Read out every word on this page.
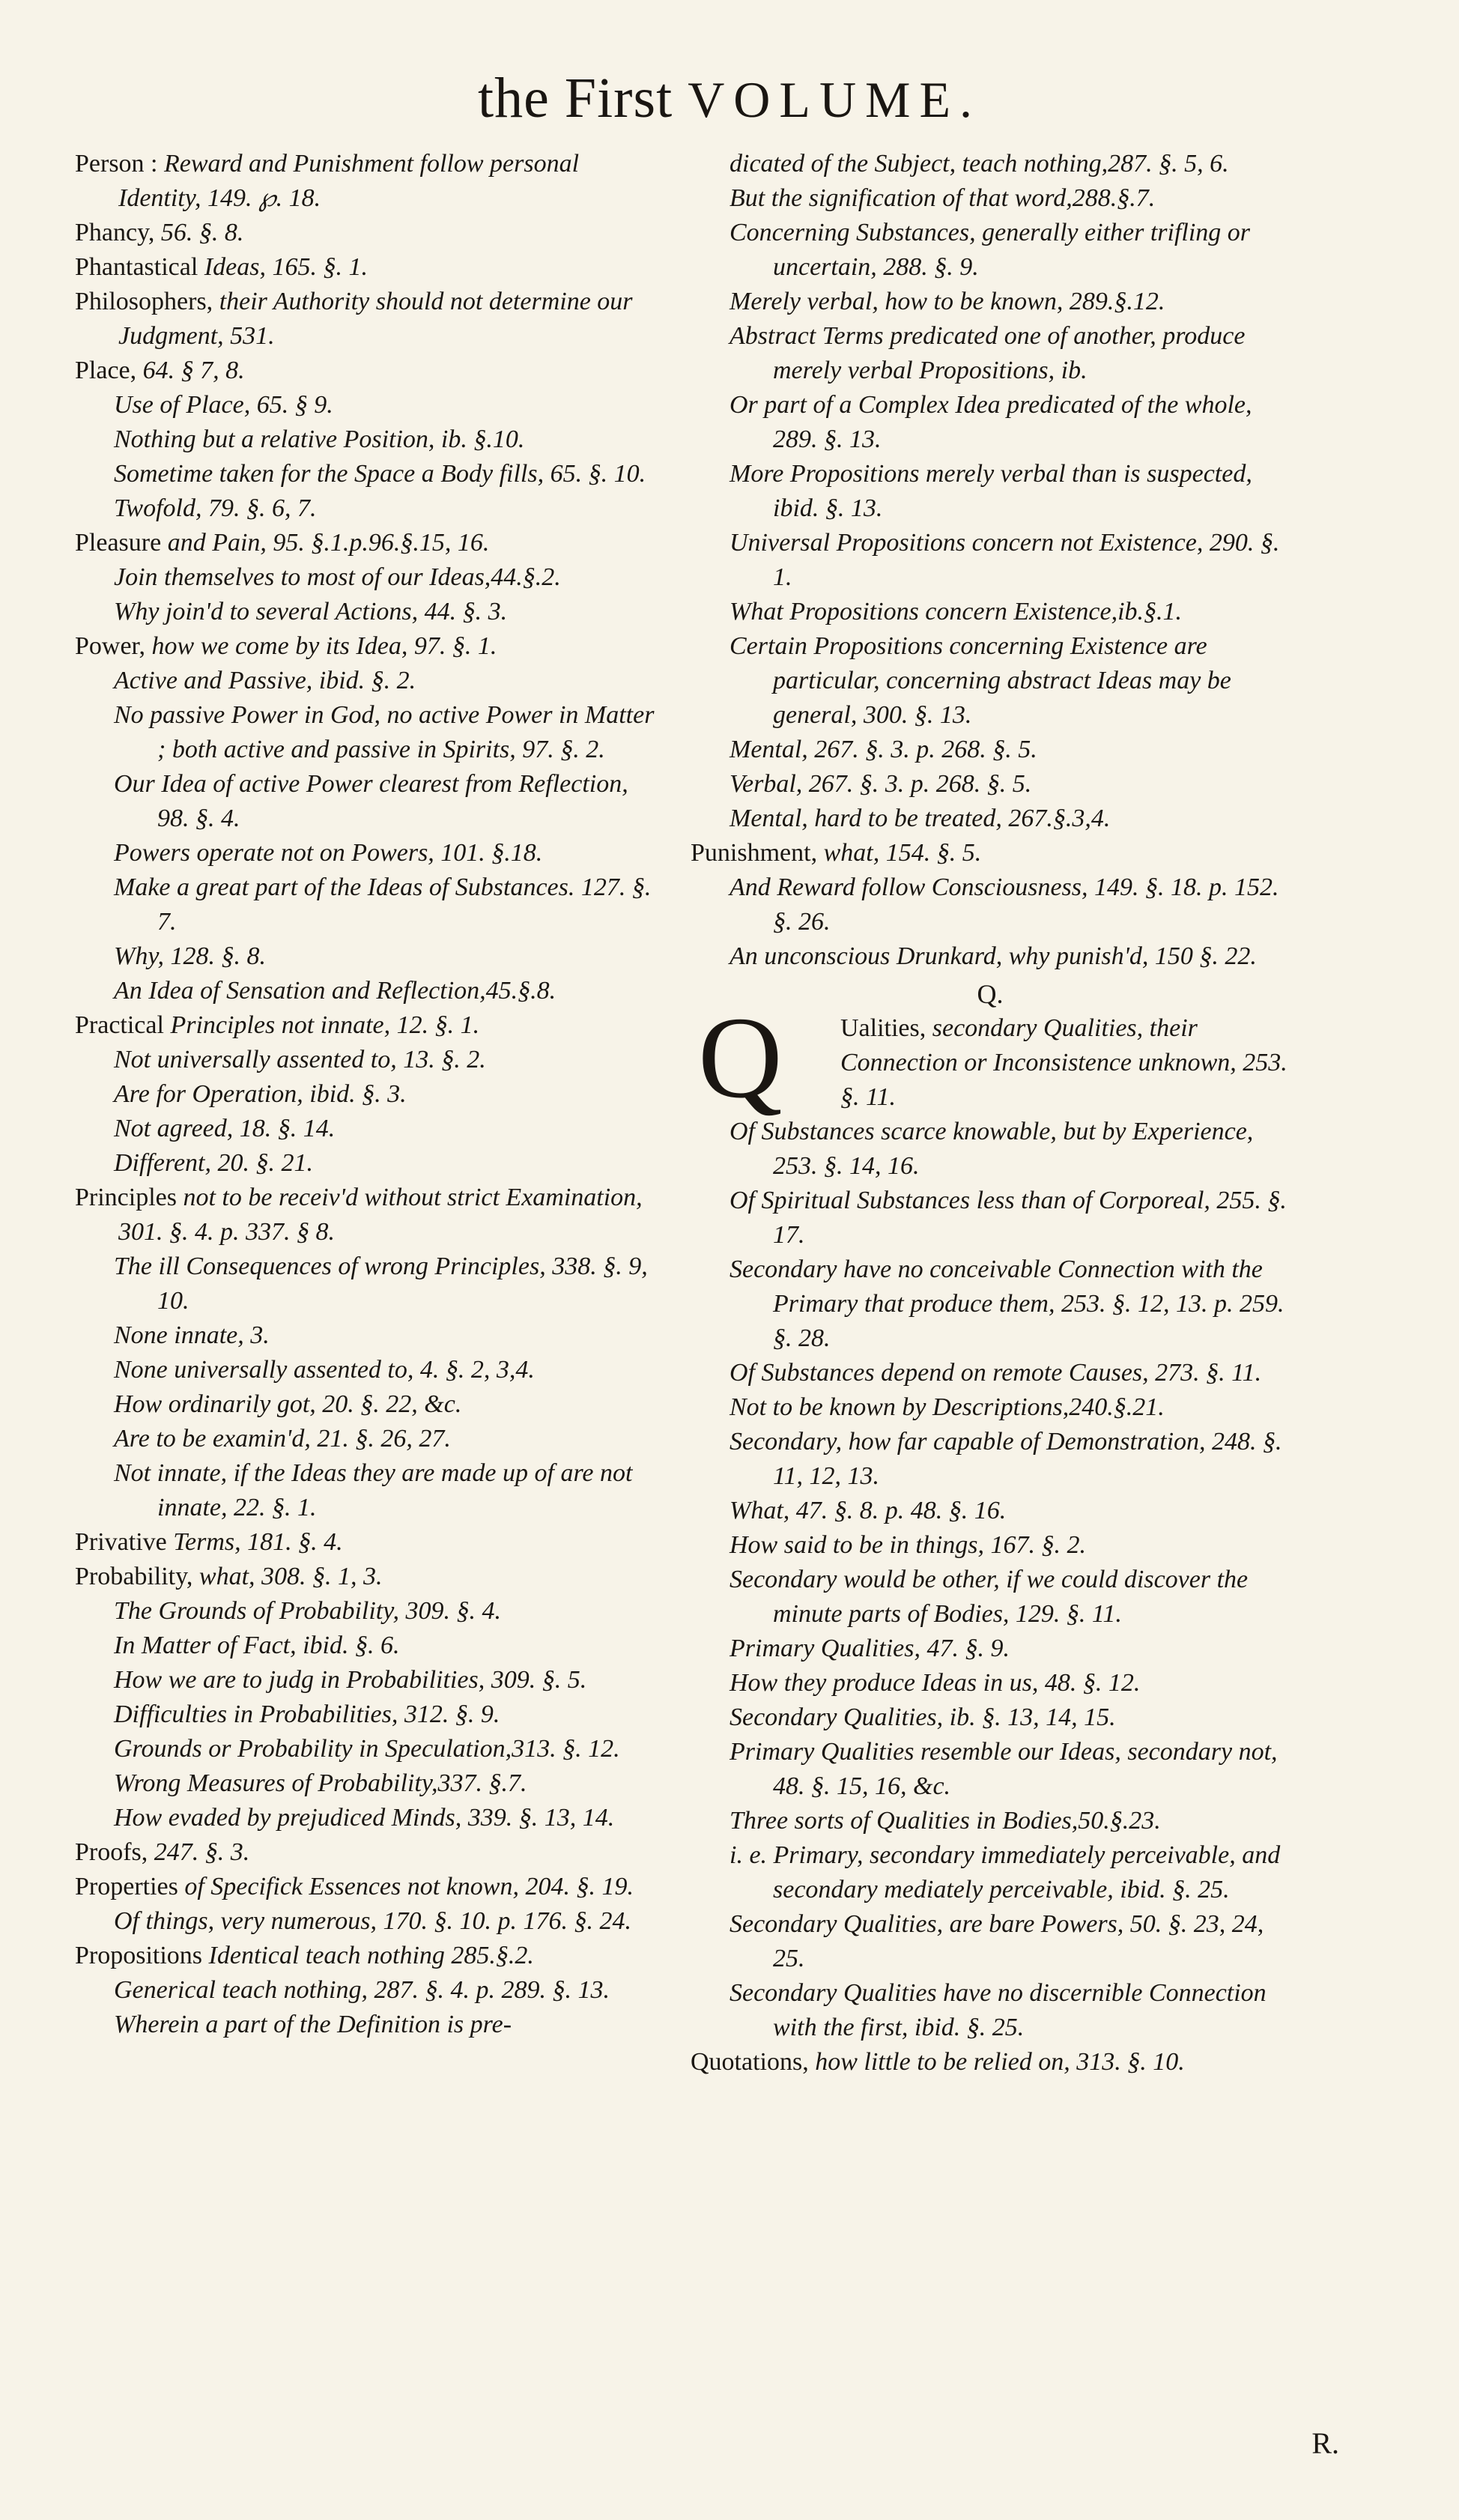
the First VOLUME.

Person : Reward and Punishment follow personal Identity, 149. ℘. 18.

Phancy, 56. §. 8.

Phantastical Ideas, 165. §. 1.

Philosophers, their Authority should not determine our Judgment, 531.

Place, 64. § 7, 8.

Use of Place, 65. § 9.

Nothing but a relative Position, ib. §.10.

Sometime taken for the Space a Body fills, 65. §. 10.

Twofold, 79. §. 6, 7.

Pleasure and Pain, 95. §.1.p.96.§.15, 16.

Join themselves to most of our Ideas,44.§.2.

Why join'd to several Actions, 44. §. 3.

Power, how we come by its Idea, 97. §. 1.

Active and Passive, ibid. §. 2.

No passive Power in God, no active Power in Matter ; both active and passive in Spirits, 97. §. 2.

Our Idea of active Power clearest from Reflection, 98. §. 4.

Powers operate not on Powers, 101. §.18.

Make a great part of the Ideas of Substances. 127. §. 7.

Why, 128. §. 8.

An Idea of Sensation and Reflection,45.§.8.

Practical Principles not innate, 12. §. 1.

Not universally assented to, 13. §. 2.

Are for Operation, ibid. §. 3.

Not agreed, 18. §. 14.

Different, 20. §. 21.

Principles not to be receiv'd without strict Examination, 301. §. 4. p. 337. § 8.

The ill Consequences of wrong Principles, 338. §. 9, 10.

None innate, 3.

None universally assented to, 4. §. 2, 3,4.

How ordinarily got, 20. §. 22, &c.

Are to be examin'd, 21. §. 26, 27.

Not innate, if the Ideas they are made up of are not innate, 22. §. 1.

Privative Terms, 181. §. 4.

Probability, what, 308. §. 1, 3.

The Grounds of Probability, 309. §. 4.

In Matter of Fact, ibid. §. 6.

How we are to judg in Probabilities, 309. §. 5.

Difficulties in Probabilities, 312. §. 9.

Grounds or Probability in Speculation,313. §. 12.

Wrong Measures of Probability,337. §.7.

How evaded by prejudiced Minds, 339. §. 13, 14.

Proofs, 247. §. 3.

Properties of Specifick Essences not known, 204. §. 19.

Of things, very numerous, 170. §. 10. p. 176. §. 24.

Propositions Identical teach nothing 285.§.2.

Generical teach nothing, 287. §. 4. p. 289. §. 13.

Wherein a part of the Definition is pre-

dicated of the Subject, teach nothing,287. §. 5, 6.

But the signification of that word,288.§.7.

Concerning Substances, generally either trifling or uncertain, 288. §. 9.

Merely verbal, how to be known, 289.§.12.

Abstract Terms predicated one of another, produce merely verbal Propositions, ib.

Or part of a Complex Idea predicated of the whole, 289. §. 13.

More Propositions merely verbal than is suspected, ibid. §. 13.

Universal Propositions concern not Existence, 290. §. 1.

What Propositions concern Existence,ib.§.1.

Certain Propositions concerning Existence are particular, concerning abstract Ideas may be general, 300. §. 13.

Mental, 267. §. 3. p. 268. §. 5.

Verbal, 267. §. 3. p. 268. §. 5.

Mental, hard to be treated, 267.§.3,4.

Punishment, what, 154. §. 5.

And Reward follow Consciousness, 149. §. 18. p. 152. §. 26.

An unconscious Drunkard, why punish'd, 150 §. 22.

Q.

Q Ualities, secondary Qualities, their Connection or Inconsistence unknown, 253. §. 11.

Of Substances scarce knowable, but by Experience, 253. §. 14, 16.

Of Spiritual Substances less than of Corporeal, 255. §. 17.

Secondary have no conceivable Connection with the Primary that produce them, 253. §. 12, 13. p. 259. §. 28.

Of Substances depend on remote Causes, 273. §. 11.

Not to be known by Descriptions,240.§.21.

Secondary, how far capable of Demonstration, 248. §. 11, 12, 13.

What, 47. §. 8. p. 48. §. 16.

How said to be in things, 167. §. 2.

Secondary would be other, if we could discover the minute parts of Bodies, 129. §. 11.

Primary Qualities, 47. §. 9.

How they produce Ideas in us, 48. §. 12.

Secondary Qualities, ib. §. 13, 14, 15.

Primary Qualities resemble our Ideas, secondary not, 48. §. 15, 16, &c.

Three sorts of Qualities in Bodies,50.§.23.

i. e. Primary, secondary immediately perceivable, and secondary mediately perceivable, ibid. §. 25.

Secondary Qualities, are bare Powers, 50. §. 23, 24, 25.

Secondary Qualities have no discernible Connection with the first, ibid. §. 25.

Quotations, how little to be relied on, 313. §. 10.

R.
